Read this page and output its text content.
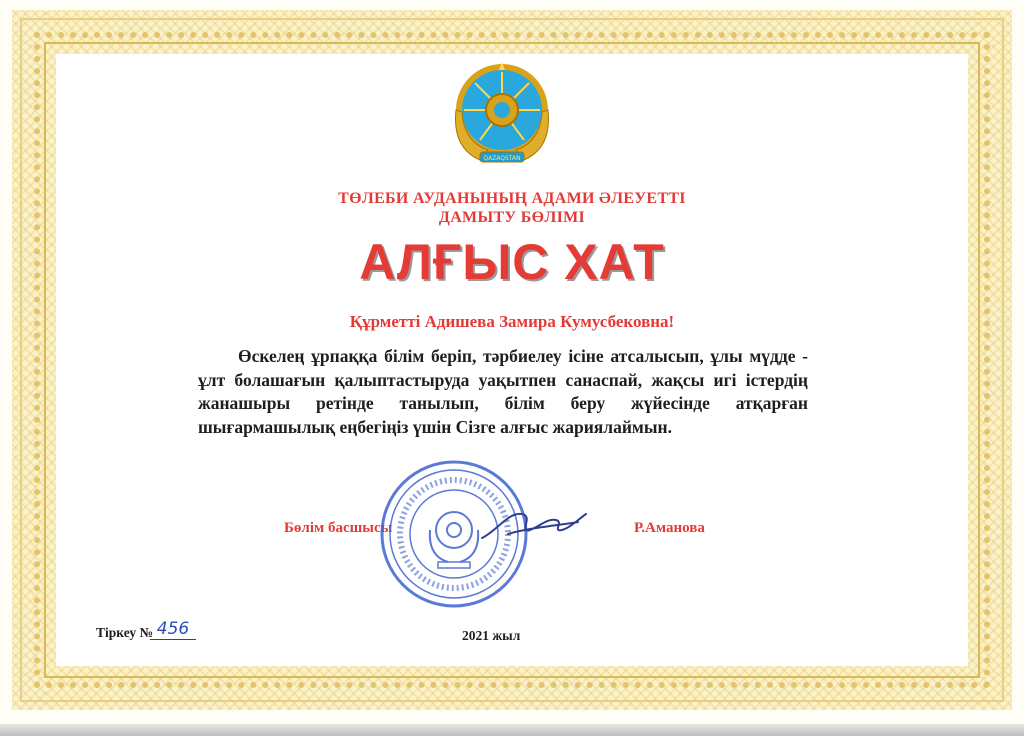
QAZAQSTAN
ТӨЛЕБИ АУДАНЫНЫҢ АДАМИ ӘЛЕУЕТТІ
ДАМЫТУ БӨЛІМІ
АЛҒЫС ХАТ
Құрметті Адишева Замира Кумусбековна!
Өскелең ұрпаққа білім беріп, тәрбиелеу ісіне атсалысып, ұлы мүдде - ұлт болашағын қалыптастыруда уақытпен санаспай, жақсы игі істердің жанашыры ретінде танылып, білім беру жүйесінде атқарған шығармашылық еңбегіңіз үшін Сізге алғыс жариялаймын.
Бөлім басшысы	Р.Аманова
Тіркеу № 456	2021 жыл
